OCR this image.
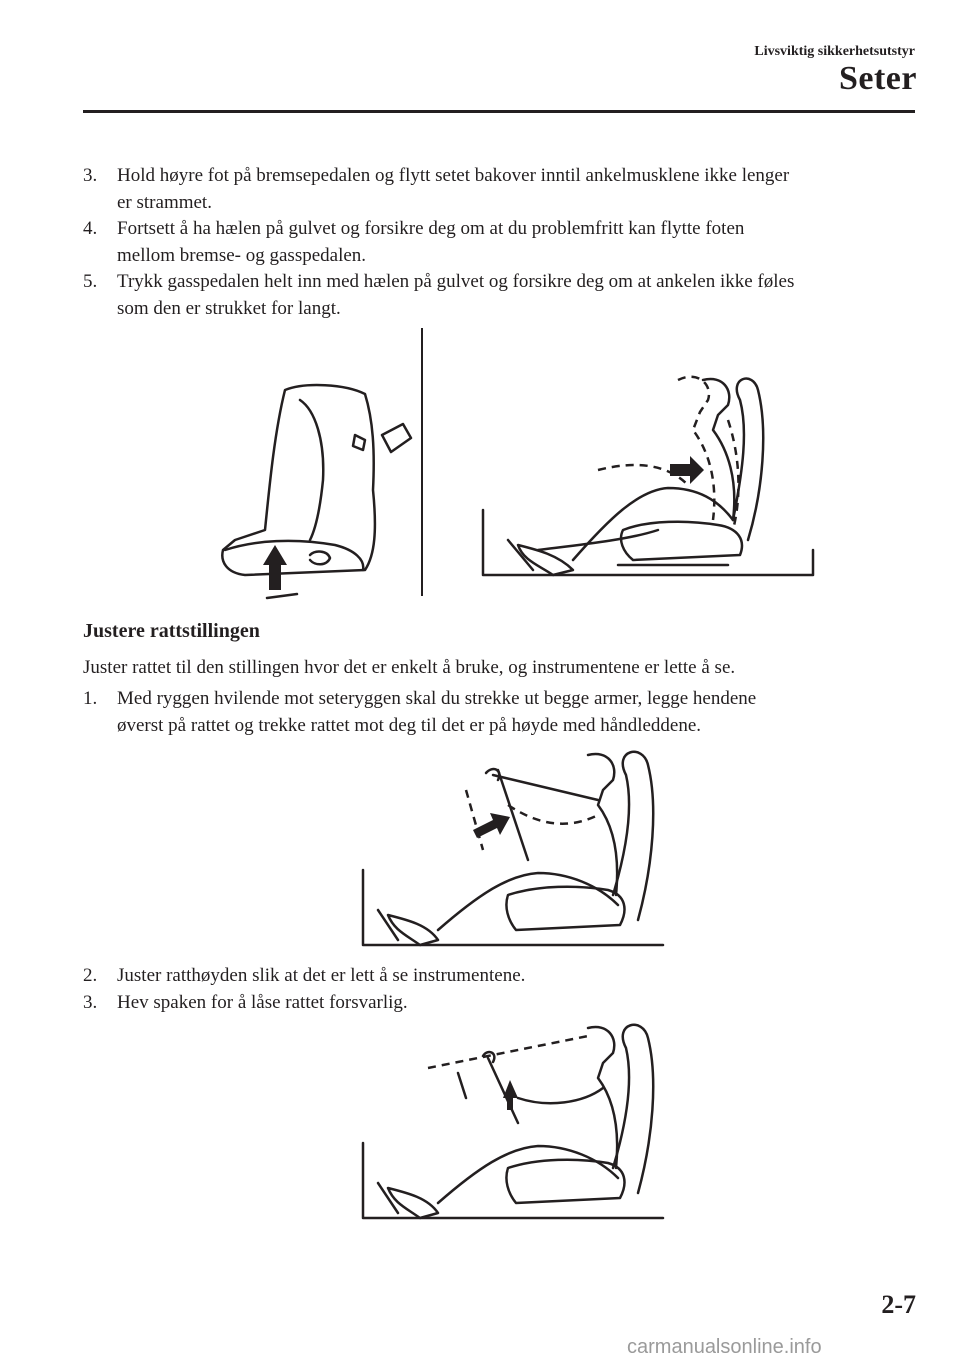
Livsviktig sikkerhetsutstyr
Seter
3. Hold høyre fot på bremsepedalen og flytt setet bakover inntil ankelmusklene ikke lenger
er strammet.
4. Fortsett å ha hælen på gulvet og forsikre deg om at du problemfritt kan flytte foten
mellom bremse- og gasspedalen.
5. Trykk gasspedalen helt inn med hælen på gulvet og forsikre deg om at ankelen ikke føles
som den er strukket for langt.
Justere rattstillingen
Juster rattet til den stillingen hvor det er enkelt å bruke, og instrumentene er lette å se.
1. Med ryggen hvilende mot seteryggen skal du strekke ut begge armer, legge hendene
øverst på rattet og trekke rattet mot deg til det er på høyde med håndleddene.
2. Juster ratthøyden slik at det er lett å se instrumentene.
3. Hev spaken for å låse rattet forsvarlig.
2-7
carmanualsonline.info
